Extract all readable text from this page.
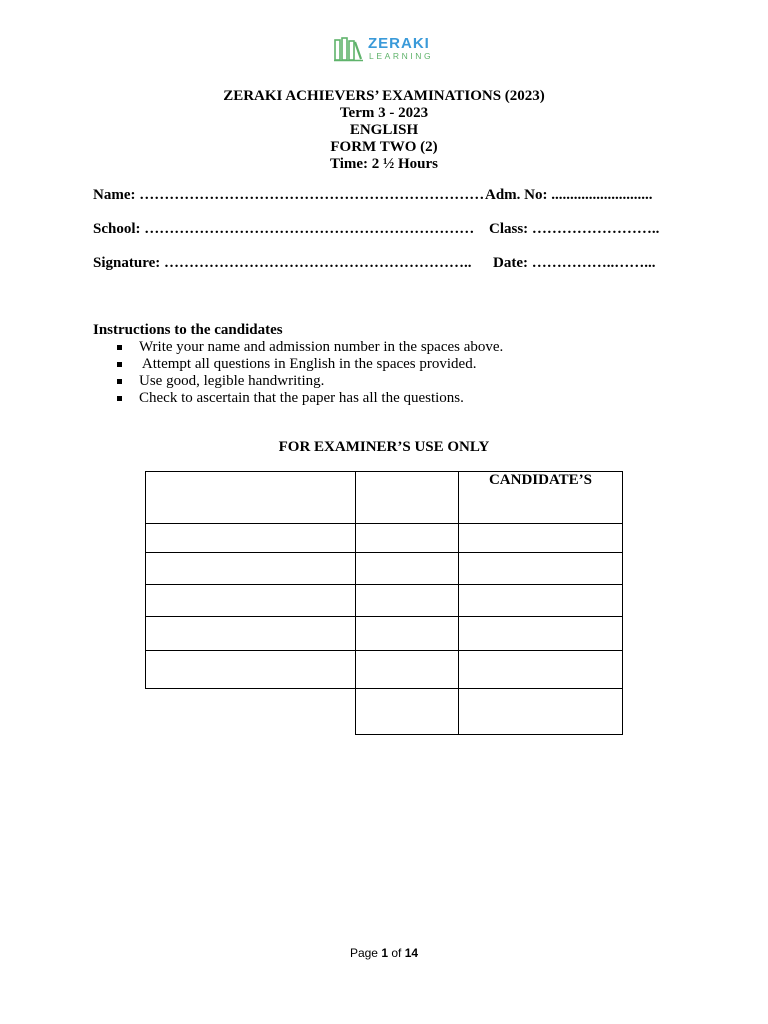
ZERAKI
LEARNING
ZERAKI ACHIEVERS’ EXAMINATIONS (2023)
Term 3 - 2023
ENGLISH
FORM TWO (2)
Time: 2 ½ Hours
Name: …………………………………………………………… Adm. No: ...........................
School: ………………………………………………………… Class: ……………………..
Signature: …………………………………………………….. Date: ……………..……...
Instructions to the candidates
Write your name and admission number in the spaces above.
Attempt all questions in English in the spaces provided.
Use good, legible handwriting.
Check to ascertain that the paper has all the questions.
FOR EXAMINER’S USE ONLY
CANDIDATE’S
Page 1 of 14
